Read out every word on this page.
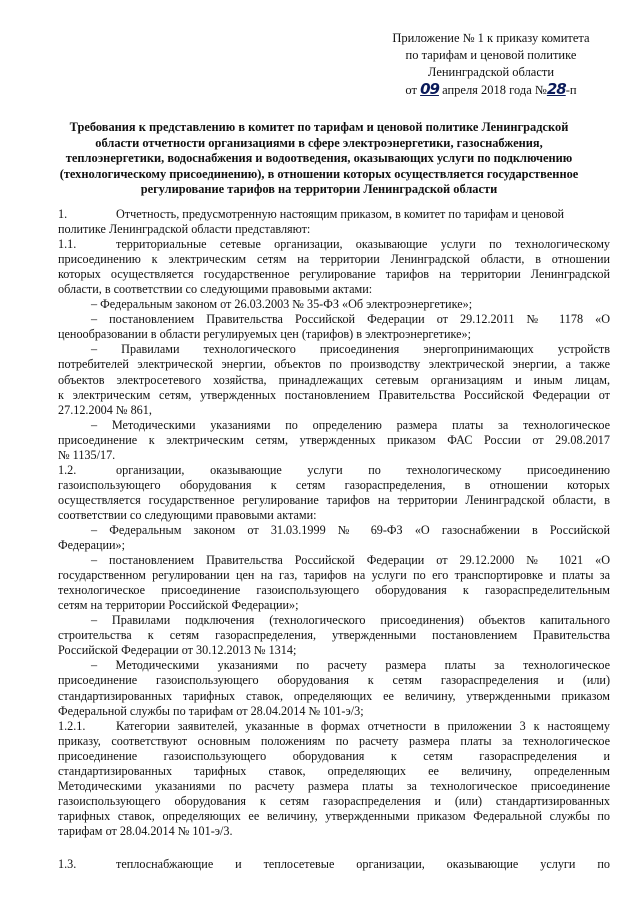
Приложение № 1 к приказу комитета
по тарифам и ценовой политике
Ленинградской области
от 09 апреля 2018 года №28-п
Требования к представлению в комитет по тарифам и ценовой политике Ленинградской
области отчетности организациями в сфере электроэнергетики, газоснабжения,
теплоэнергетики, водоснабжения и водоотведения, оказывающих услуги по подключению
(технологическому присоединению), в отношении которых осуществляется государственное
регулирование тарифов на территории Ленинградской области
1.	Отчетность, предусмотренную настоящим приказом, в комитет по тарифам и ценовой
политике Ленинградской области представляют:
1.1.	территориальные сетевые организации, оказывающие услуги по технологическому
присоединению к электрическим сетям на территории Ленинградской области, в отношении
которых осуществляется государственное регулирование тарифов на территории Ленинградской
области, в соответствии со следующими правовыми актами:
– Федеральным законом от 26.03.2003 № 35-ФЗ «Об электроэнергетике»;
– постановлением Правительства Российской Федерации от 29.12.2011 № 1178 «О
ценообразовании в области регулируемых цен (тарифов) в электроэнергетике»;
– Правилами технологического присоединения энергопринимающих устройств
потребителей электрической энергии, объектов по производству электрической энергии, а также
объектов электросетевого хозяйства, принадлежащих сетевым организациям и иным лицам,
к электрическим сетям, утвержденных постановлением Правительства Российской Федерации от
27.12.2004 № 861,
– Методическими указаниями по определению размера платы за технологическое
присоединение к электрическим сетям, утвержденных приказом ФАС России от 29.08.2017
№ 1135/17.
1.2.	организации, оказывающие услуги по технологическому присоединению
газоиспользующего оборудования к сетям газораспределения, в отношении которых
осуществляется государственное регулирование тарифов на территории Ленинградской области, в
соответствии со следующими правовыми актами:
– Федеральным законом от 31.03.1999 № 69-ФЗ «О газоснабжении в Российской
Федерации»;
– постановлением Правительства Российской Федерации от 29.12.2000 № 1021 «О
государственном регулировании цен на газ, тарифов на услуги по его транспортировке и платы за
технологическое присоединение газоиспользующего оборудования к газораспределительным
сетям на территории Российской Федерации»;
– Правилами подключения (технологического присоединения) объектов капитального
строительства к сетям газораспределения, утвержденными постановлением Правительства
Российской Федерации от 30.12.2013 № 1314;
– Методическими указаниями по расчету размера платы за технологическое
присоединение газоиспользующего оборудования к сетям газораспределения и (или)
стандартизированных тарифных ставок, определяющих ее величину, утвержденными приказом
Федеральной службы по тарифам от 28.04.2014 № 101-э/3;
1.2.1.	Категории заявителей, указанные в формах отчетности в приложении 3 к настоящему
приказу, соответствуют основным положениям по расчету размера платы за технологическое
присоединение газоиспользующего оборудования к сетям газораспределения и
стандартизированных тарифных ставок, определяющих ее величину, определенным
Методическими указаниями по расчету размера платы за технологическое присоединение
газоиспользующего оборудования к сетям газораспределения и (или) стандартизированных
тарифных ставок, определяющих ее величину, утвержденными приказом Федеральной службы по
тарифам от 28.04.2014 № 101-э/3.
1.3.	теплоснабжающие и теплосетевые организации, оказывающие услуги по
